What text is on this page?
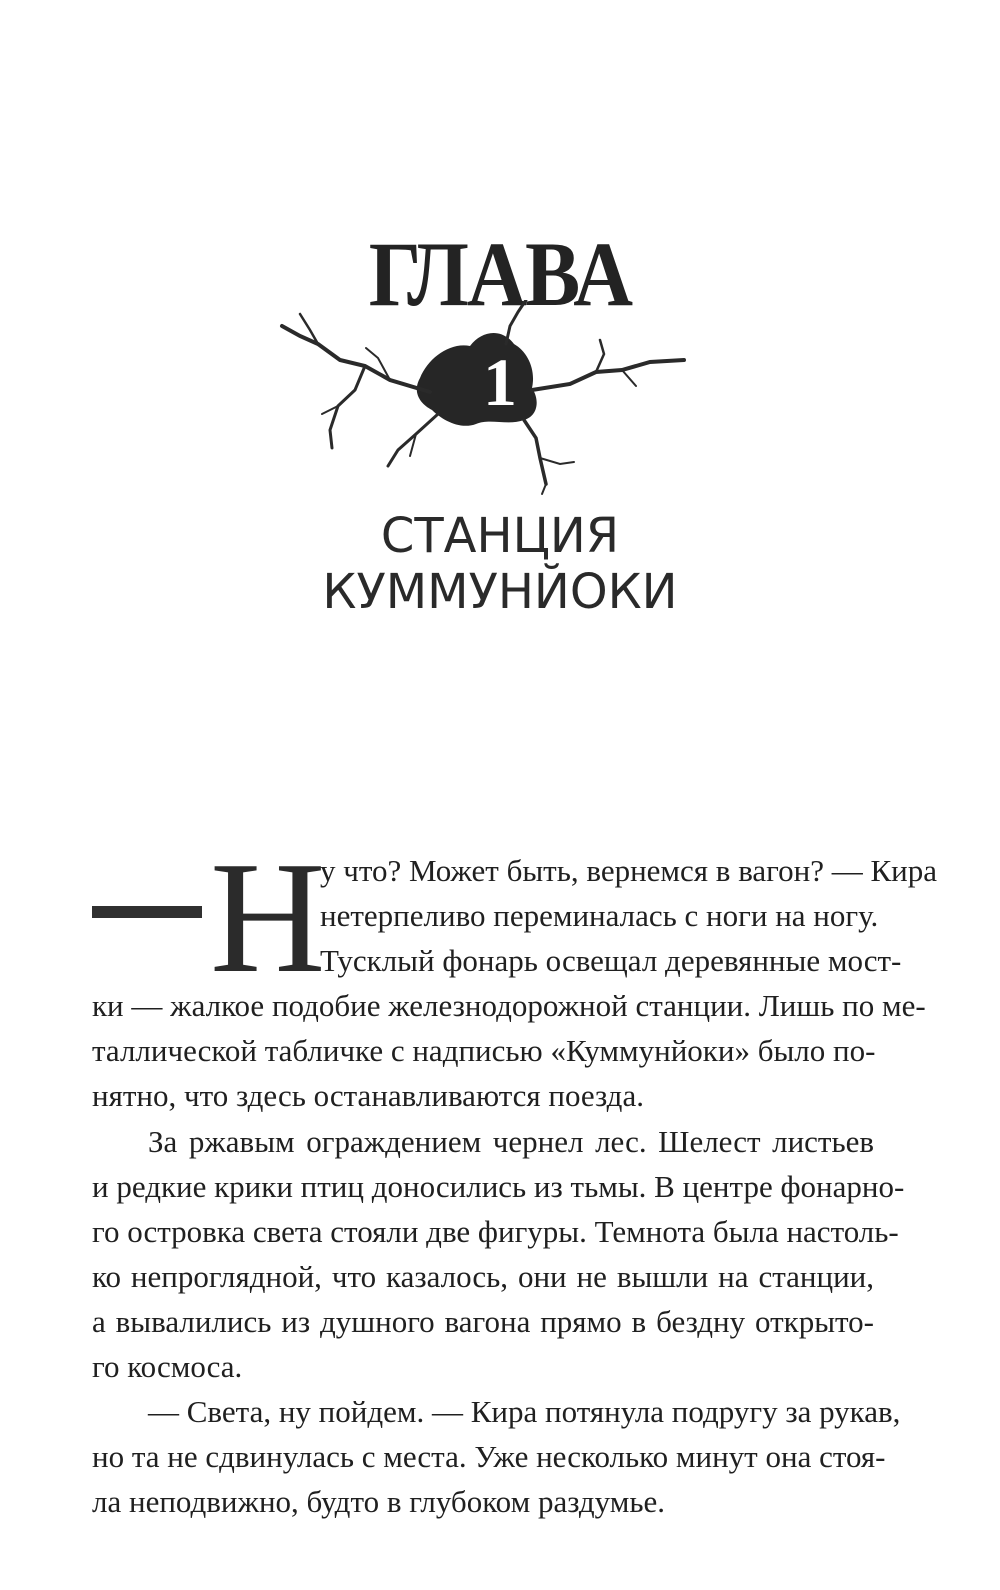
ГЛАВА
1
СТАНЦИЯ
КУММУНЙОКИ
Н
у что? Может быть, вернемся в вагон? — Кира
нетерпеливо переминалась с ноги на ногу.
Тусклый фонарь освещал деревянные мост-
ки — жалкое подобие железнодорожной станции. Лишь по ме-
таллической табличке с надписью «Куммунйоки» было по-
нятно, что здесь останавливаются поезда.
За ржавым ограждением чернел лес. Шелест листьев
и редкие крики птиц доносились из тьмы. В центре фонарно-
го островка света стояли две фигуры. Темнота была настоль-
ко непроглядной, что казалось, они не вышли на станции,
а вывалились из душного вагона прямо в бездну открыто-
го космоса.
— Света, ну пойдем. — Кира потянула подругу за рукав,
но та не сдвинулась с места. Уже несколько минут она стоя-
ла неподвижно, будто в глубоком раздумье.
